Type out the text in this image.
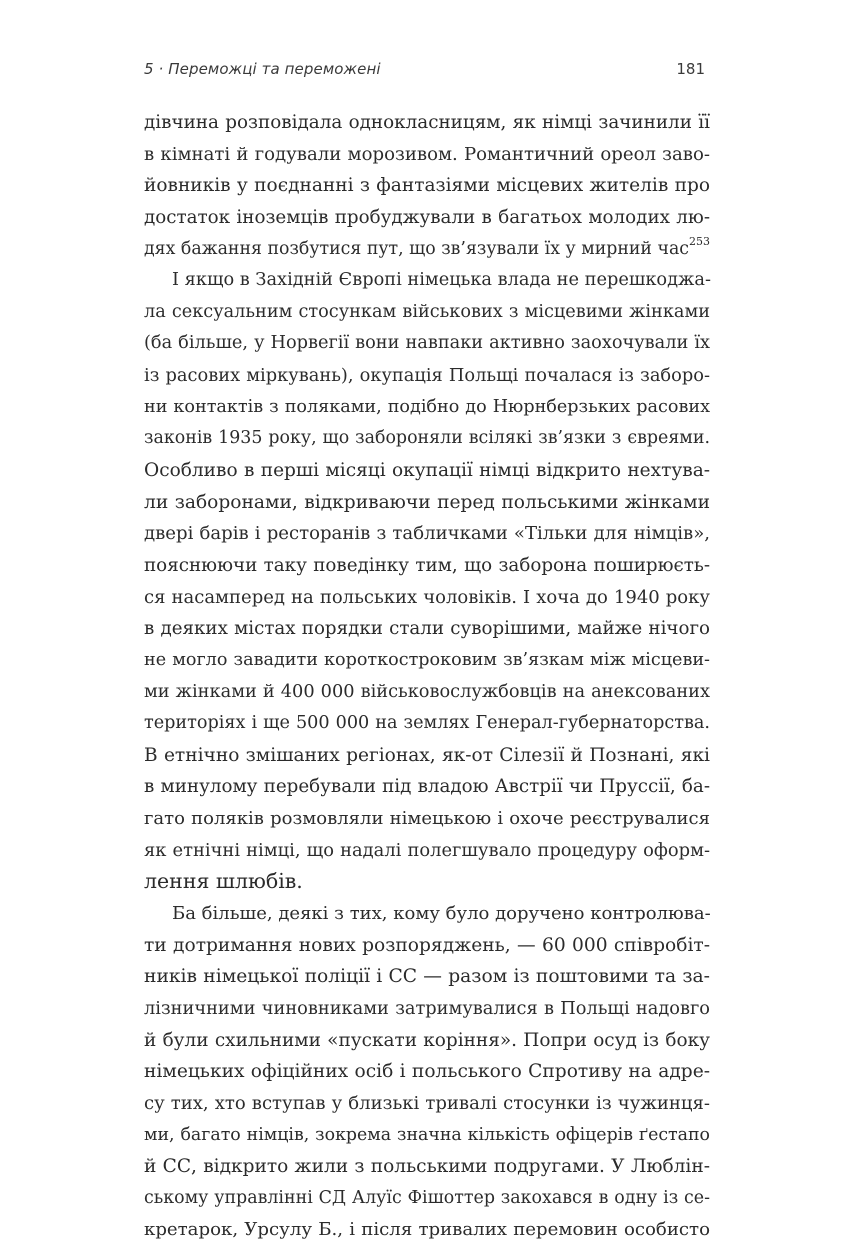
5 · Переможці та переможені	181
дівчина розповідала однокласницям, як німці зачинили її
в кімнаті й годували морозивом. Романтичний ореол заво-
йовників у поєднанні з фантазіями місцевих жителів про
достаток іноземців пробуджували в багатьох молодих лю-
дях бажання позбутися пут, що зв’язували їх у мирний час$^{253}$
І якщо в Західній Європі німецька влада не перешкоджа-
ла сексуальним стосункам військових з місцевими жінками
(ба більше, у Норвегії вони навпаки активно заохочували їх
із расових міркувань), окупація Польщі почалася із заборо-
ни контактів з поляками, подібно до Нюрнберзьких расових
законів 1935 року, що забороняли всілякі зв’язки з євреями.
Особливо в перші місяці окупації німці відкрито нехтува-
ли заборонами, відкриваючи перед польськими жінками
двері барів і ресторанів з табличками «Тільки для німців»,
пояснюючи таку поведінку тим, що заборона поширюєть-
ся насамперед на польських чоловіків. І хоча до 1940 року
в деяких містах порядки стали суворішими, майже нічого
не могло завадити короткостроковим зв’язкам між місцеви-
ми жінками й 400 000 військовослужбовців на анексованих
територіях і ще 500 000 на землях Генерал-губернаторства.
В етнічно змішаних регіонах, як-от Сілезії й Познані, які
в минулому перебували під владою Австрії чи Пруссії, ба-
гато поляків розмовляли німецькою і охоче реєструвалися
як етнічні німці, що надалі полегшувало процедуру оформ-
лення шлюбів.
Ба більше, деякі з тих, кому було доручено контролюва-
ти дотримання нових розпоряджень, — 60 000 співробіт-
ників німецької поліції і СС — разом із поштовими та за-
лізничними чиновниками затримувалися в Польщі надовго
й були схильними «пускати коріння». Попри осуд із боку
німецьких офіційних осіб і польського Спротиву на адре-
су тих, хто вступав у близькі тривалі стосунки із чужинця-
ми, багато німців, зокрема значна кількість офіцерів ґестапо
й СС, відкрито жили з польськими подругами. У Люблін-
ському управлінні СД Алуїс Фішоттер закохався в одну із се-
кретарок, Урсулу Б., і після тривалих перемовин особисто
